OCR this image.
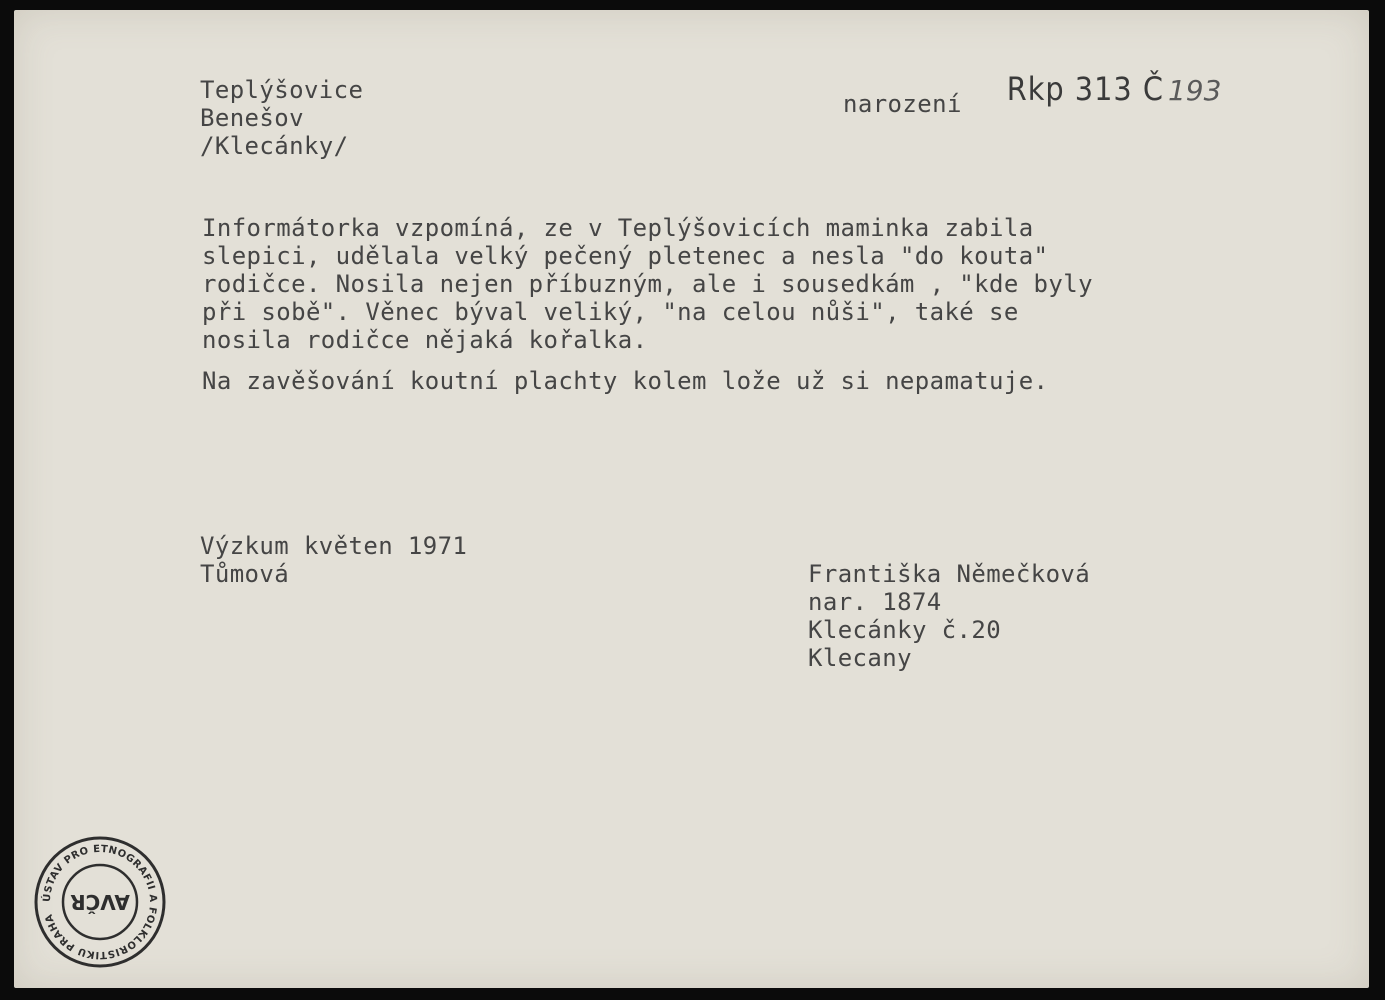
Rkp 313 Č 193

Teplýšovice
Benešov
/Klecánky/
narození
Informátorka vzpomíná, ze v Teplýšovicích maminka zabila
slepici, udělala velký pečený pletenec a nesla "do kouta"
rodičce. Nosila nejen příbuzným, ale i sousedkám , "kde byly
při sobě". Věnec býval veliký, "na celou nůši", také se
nosila rodičce nějaká kořalka.
Na zavěšování koutní plachty kolem lože už si nepamatuje.
Výzkum květen 1971
Tůmová	Františka Němečková
nar. 1874
Klecánky č.20
Klecany
ÚSTAV PRO ETNOGRAFII A FOLKLORISTIKU PRAHA
AVČR
